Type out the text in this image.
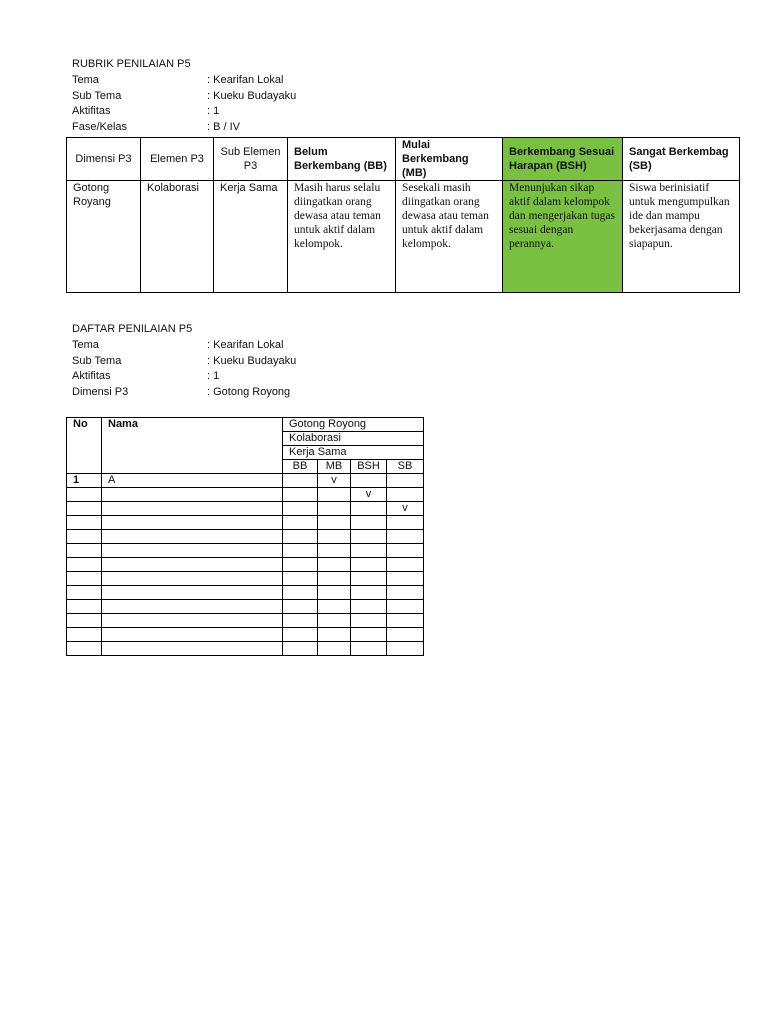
RUBRIK PENILAIAN P5
Tema	: Kearifan Lokal
Sub Tema	: Kueku Budayaku
Aktifitas	: 1
Fase/Kelas	: B / IV
Dimensi P3	Elemen P3	Sub Elemen P3	Belum Berkembang (BB)	Mulai Berkembang (MB)	Berkembang Sesuai Harapan (BSH)	Sangat Berkembag (SB)
Gotong Royang	Kolaborasi	Kerja Sama	Masih harus selalu diingatkan orang dewasa atau teman untuk aktif dalam kelompok.	Sesekali masih diingatkan orang dewasa atau teman untuk aktif dalam kelompok.	Menunjukan sikap aktif dalam kelompok dan mengerjakan tugas sesuai dengan perannya.	Siswa berinisiatif untuk mengumpulkan ide dan mampu bekerjasama dengan siapapun.
DAFTAR PENILAIAN P5
Tema	: Kearifan Lokal
Sub Tema	: Kueku Budayaku
Aktifitas	: 1
Dimensi P3	: Gotong Royong
No	Nama	Gotong Royong			
		Kolaborasi			
		Kerja Sama			
		BB	MB	BSH	SB
1	A		v		
				v	
					v
